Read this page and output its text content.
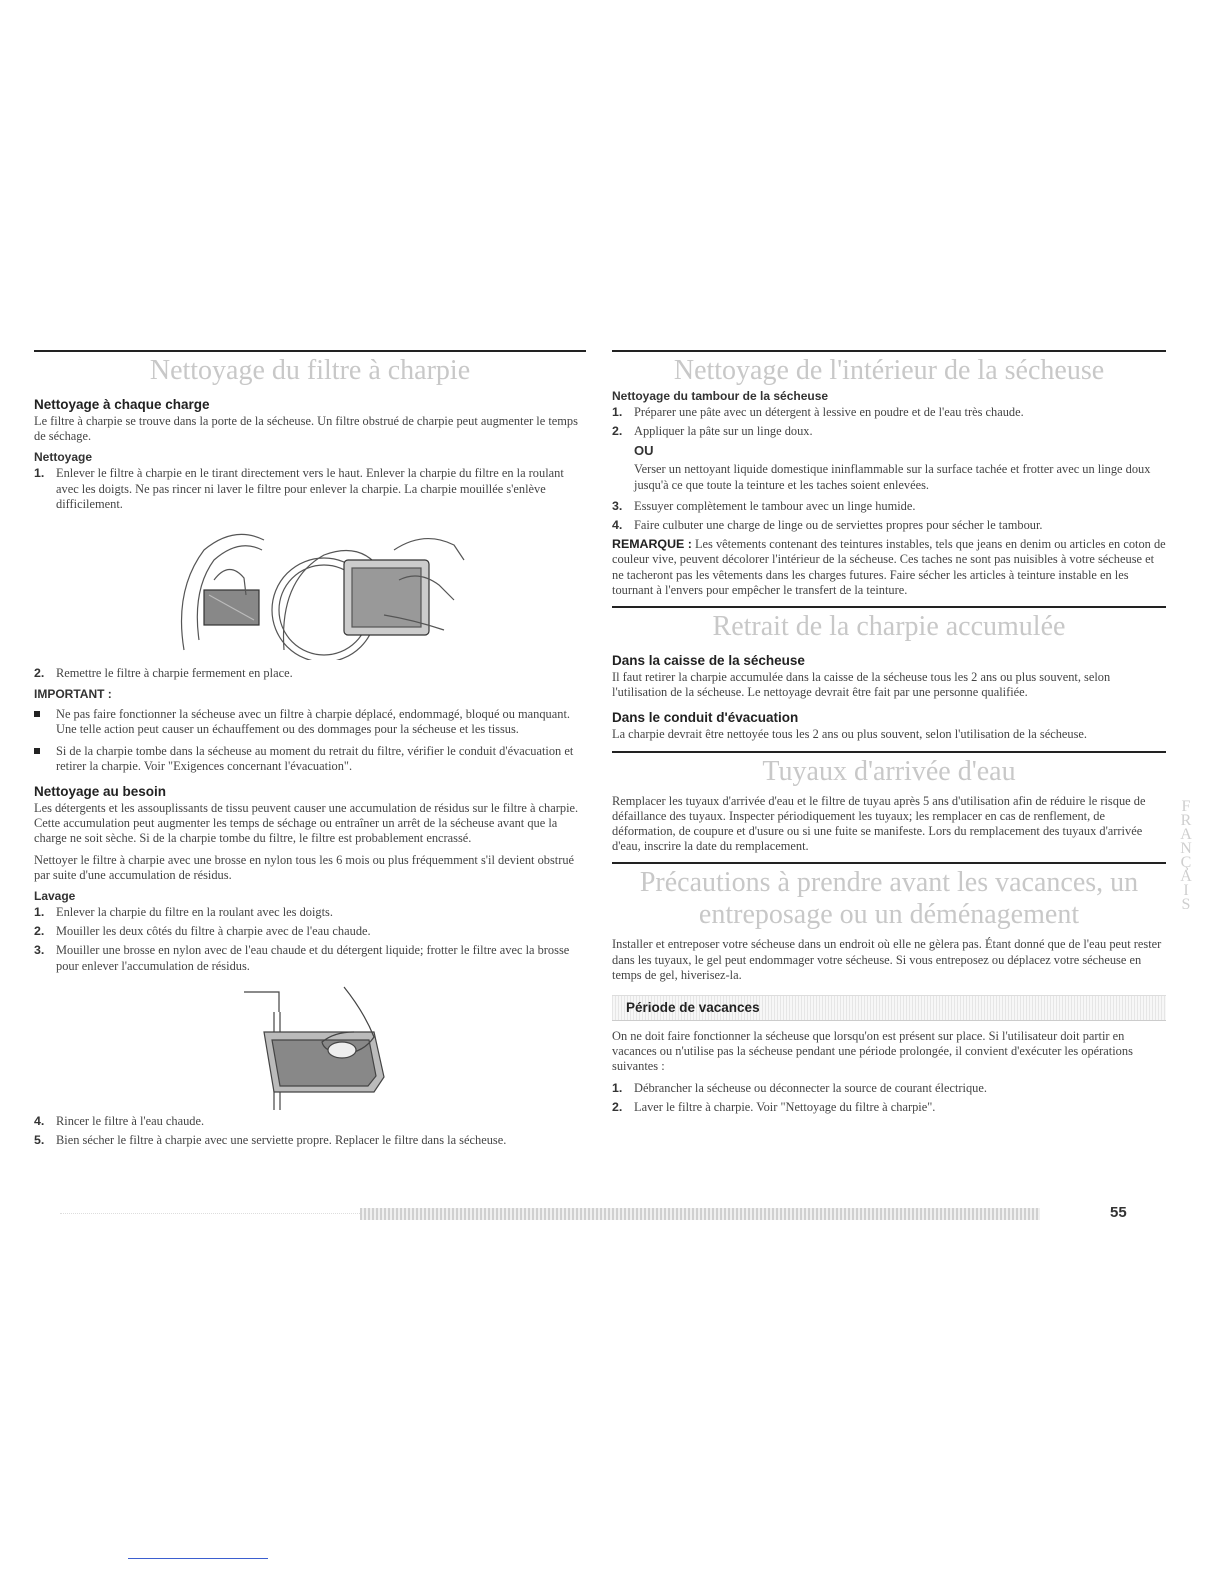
Nettoyage du filtre à charpie
Nettoyage à chaque charge

Le filtre à charpie se trouve dans la porte de la sécheuse. Un filtre obstrué de charpie peut augmenter le temps de séchage.

Nettoyage
1. Enlever le filtre à charpie en le tirant directement vers le haut. Enlever la charpie du filtre en la roulant avec les doigts. Ne pas rincer ni laver le filtre pour enlever la charpie. La charpie mouillée s'enlève difficilement.
2. Remettre le filtre à charpie fermement en place.
IMPORTANT :
Ne pas faire fonctionner la sécheuse avec un filtre à charpie déplacé, endommagé, bloqué ou manquant. Une telle action peut causer un échauffement ou des dommages pour la sécheuse et les tissus.
Si de la charpie tombe dans la sécheuse au moment du retrait du filtre, vérifier le conduit d'évacuation et retirer la charpie. Voir "Exigences concernant l'évacuation".
Nettoyage au besoin

Les détergents et les assouplissants de tissu peuvent causer une accumulation de résidus sur le filtre à charpie. Cette accumulation peut augmenter les temps de séchage ou entraîner un arrêt de la sécheuse avant que la charge ne soit sèche. Si de la charpie tombe du filtre, le filtre est probablement encrassé.

Nettoyer le filtre à charpie avec une brosse en nylon tous les 6 mois ou plus fréquemment s'il devient obstrué par suite d'une accumulation de résidus.

Lavage
1. Enlever la charpie du filtre en la roulant avec les doigts.
2. Mouiller les deux côtés du filtre à charpie avec de l'eau chaude.
3. Mouiller une brosse en nylon avec de l'eau chaude et du détergent liquide; frotter le filtre avec la brosse pour enlever l'accumulation de résidus.
4. Rincer le filtre à l'eau chaude.
5. Bien sécher le filtre à charpie avec une serviette propre. Replacer le filtre dans la sécheuse.
Nettoyage de l'intérieur de la sécheuse
Nettoyage du tambour de la sécheuse
1. Préparer une pâte avec un détergent à lessive en poudre et de l'eau très chaude.
2. Appliquer la pâte sur un linge doux.
OU

Verser un nettoyant liquide domestique ininflammable sur la surface tachée et frotter avec un linge doux jusqu'à ce que toute la teinture et les taches soient enlevées.

3. Essuyer complètement le tambour avec un linge humide.
4. Faire culbuter une charge de linge ou de serviettes propres pour sécher le tambour.

REMARQUE : Les vêtements contenant des teintures instables, tels que jeans en denim ou articles en coton de couleur vive, peuvent décolorer l'intérieur de la sécheuse. Ces taches ne sont pas nuisibles à votre sécheuse et ne tacheront pas les vêtements dans les charges futures. Faire sécher les articles à teinture instable en les tournant à l'envers pour empêcher le transfert de la teinture.

Retrait de la charpie accumulée
Dans la caisse de la sécheuse

Il faut retirer la charpie accumulée dans la caisse de la sécheuse tous les 2 ans ou plus souvent, selon l'utilisation de la sécheuse. Le nettoyage devrait être fait par une personne qualifiée.

Dans le conduit d'évacuation

La charpie devrait être nettoyée tous les 2 ans ou plus souvent, selon l'utilisation de la sécheuse.

Tuyaux d'arrivée d'eau

Remplacer les tuyaux d'arrivée d'eau et le filtre de tuyau après 5 ans d'utilisation afin de réduire le risque de défaillance des tuyaux. Inspecter périodiquement les tuyaux; les remplacer en cas de renflement, de déformation, de coupure et d'usure ou si une fuite se manifeste. Lors du remplacement des tuyaux d'arrivée d'eau, inscrire la date du remplacement.

Précautions à prendre avant les vacances, un
entreposage ou un déménagement

Installer et entreposer votre sécheuse dans un endroit où elle ne gèlera pas. Étant donné que de l'eau peut rester dans les tuyaux, le gel peut endommager votre sécheuse. Si vous entreposez ou déplacez votre sécheuse en temps de gel, hiverisez-la.

Période de vacances

On ne doit faire fonctionner la sécheuse que lorsqu'on est présent sur place. Si l'utilisateur doit partir en vacances ou n'utilise pas la sécheuse pendant une période prolongée, il convient d'exécuter les opérations suivantes :

1. Débrancher la sécheuse ou déconnecter la source de courant électrique.
2. Laver le filtre à charpie. Voir "Nettoyage du filtre à charpie".
F
R
A
N
Ç
A
I
S
55
